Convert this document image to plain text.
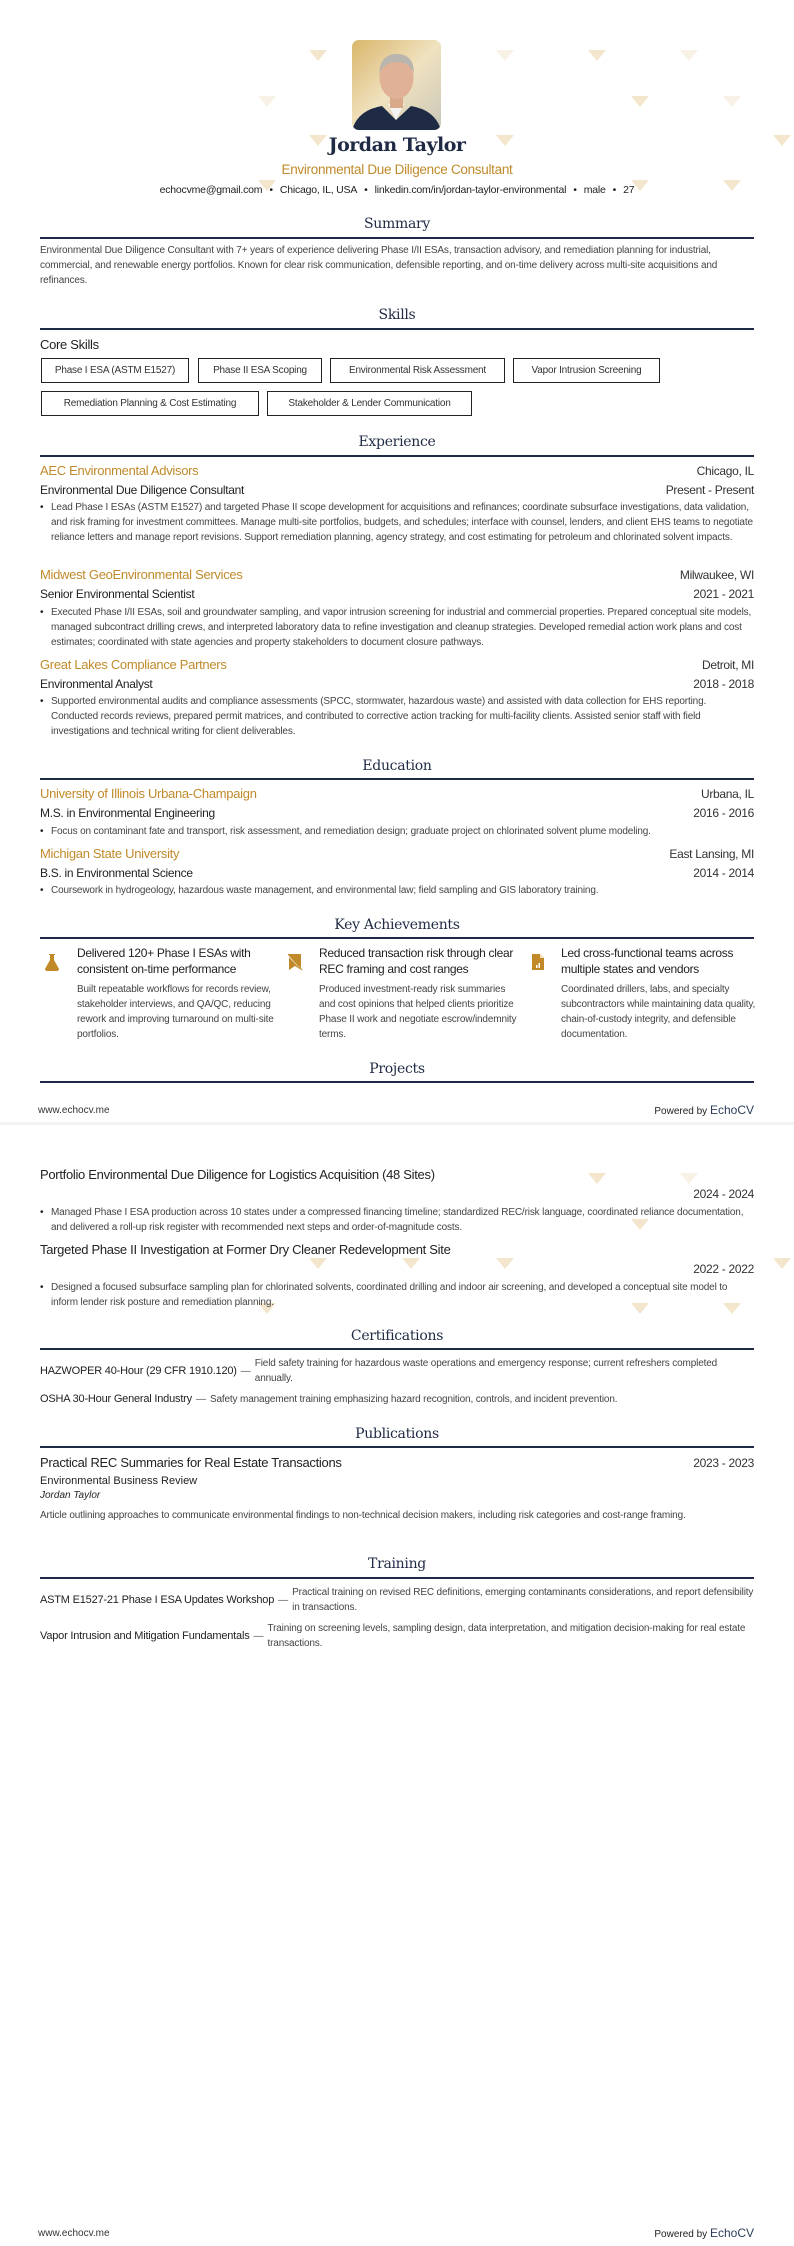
Jordan Taylor
Environmental Due Diligence Consultant
echocvme@gmail.com • Chicago, IL, USA • linkedin.com/in/jordan-taylor-environmental • male • 27
Summary
Environmental Due Diligence Consultant with 7+ years of experience delivering Phase I/II ESAs, transaction advisory, and remediation planning for industrial, commercial, and renewable energy portfolios. Known for clear risk communication, defensible reporting, and on-time delivery across multi-site acquisitions and refinances.
Skills
Core Skills
Phase I ESA (ASTM E1527)	Phase II ESA Scoping	Environmental Risk Assessment	Vapor Intrusion Screening
Remediation Planning & Cost Estimating	Stakeholder & Lender Communication
Experience
AEC Environmental Advisors	Chicago, IL
Environmental Due Diligence Consultant	Present - Present
• Lead Phase I ESAs (ASTM E1527) and targeted Phase II scope development for acquisitions and refinances; coordinate subsurface investigations, data validation, and risk framing for investment committees. Manage multi-site portfolios, budgets, and schedules; interface with counsel, lenders, and client EHS teams to negotiate reliance letters and manage report revisions. Support remediation planning, agency strategy, and cost estimating for petroleum and chlorinated solvent impacts.
Midwest GeoEnvironmental Services	Milwaukee, WI
Senior Environmental Scientist	2021 - 2021
• Executed Phase I/II ESAs, soil and groundwater sampling, and vapor intrusion screening for industrial and commercial properties. Prepared conceptual site models, managed subcontract drilling crews, and interpreted laboratory data to refine investigation and cleanup strategies. Developed remedial action work plans and cost estimates; coordinated with state agencies and property stakeholders to document closure pathways.
Great Lakes Compliance Partners	Detroit, MI
Environmental Analyst	2018 - 2018
• Supported environmental audits and compliance assessments (SPCC, stormwater, hazardous waste) and assisted with data collection for EHS reporting. Conducted records reviews, prepared permit matrices, and contributed to corrective action tracking for multi-facility clients. Assisted senior staff with field investigations and technical writing for client deliverables.
Education
University of Illinois Urbana-Champaign	Urbana, IL
M.S. in Environmental Engineering	2016 - 2016
• Focus on contaminant fate and transport, risk assessment, and remediation design; graduate project on chlorinated solvent plume modeling.
Michigan State University	East Lansing, MI
B.S. in Environmental Science	2014 - 2014
• Coursework in hydrogeology, hazardous waste management, and environmental law; field sampling and GIS laboratory training.
Key Achievements
Delivered 120+ Phase I ESAs with consistent on-time performance
Built repeatable workflows for records review, stakeholder interviews, and QA/QC, reducing rework and improving turnaround on multi-site portfolios.
Reduced transaction risk through clear REC framing and cost ranges
Produced investment-ready risk summaries and cost opinions that helped clients prioritize Phase II work and negotiate escrow/indemnity terms.
Led cross-functional teams across multiple states and vendors
Coordinated drillers, labs, and specialty subcontractors while maintaining data quality, chain-of-custody integrity, and defensible documentation.
Projects
www.echocv.me	Powered by EchoCV
Portfolio Environmental Due Diligence for Logistics Acquisition (48 Sites)
2024 - 2024
• Managed Phase I ESA production across 10 states under a compressed financing timeline; standardized REC/risk language, coordinated reliance documentation, and delivered a roll-up risk register with recommended next steps and order-of-magnitude costs.
Targeted Phase II Investigation at Former Dry Cleaner Redevelopment Site
2022 - 2022
• Designed a focused subsurface sampling plan for chlorinated solvents, coordinated drilling and indoor air screening, and developed a conceptual site model to inform lender risk posture and remediation planning.
Certifications
HAZWOPER 40-Hour (29 CFR 1910.120) —
Field safety training for hazardous waste operations and emergency response; current refreshers completed annually.
OSHA 30-Hour General Industry — Safety management training emphasizing hazard recognition, controls, and incident prevention.
Publications
Practical REC Summaries for Real Estate Transactions	2023 - 2023
Environmental Business Review
Jordan Taylor
Article outlining approaches to communicate environmental findings to non-technical decision makers, including risk categories and cost-range framing.
Training
ASTM E1527-21 Phase I ESA Updates Workshop —
Practical training on revised REC definitions, emerging contaminants considerations, and report defensibility in transactions.
Vapor Intrusion and Mitigation Fundamentals —
Training on screening levels, sampling design, data interpretation, and mitigation decision-making for real estate transactions.
www.echocv.me	Powered by EchoCV
